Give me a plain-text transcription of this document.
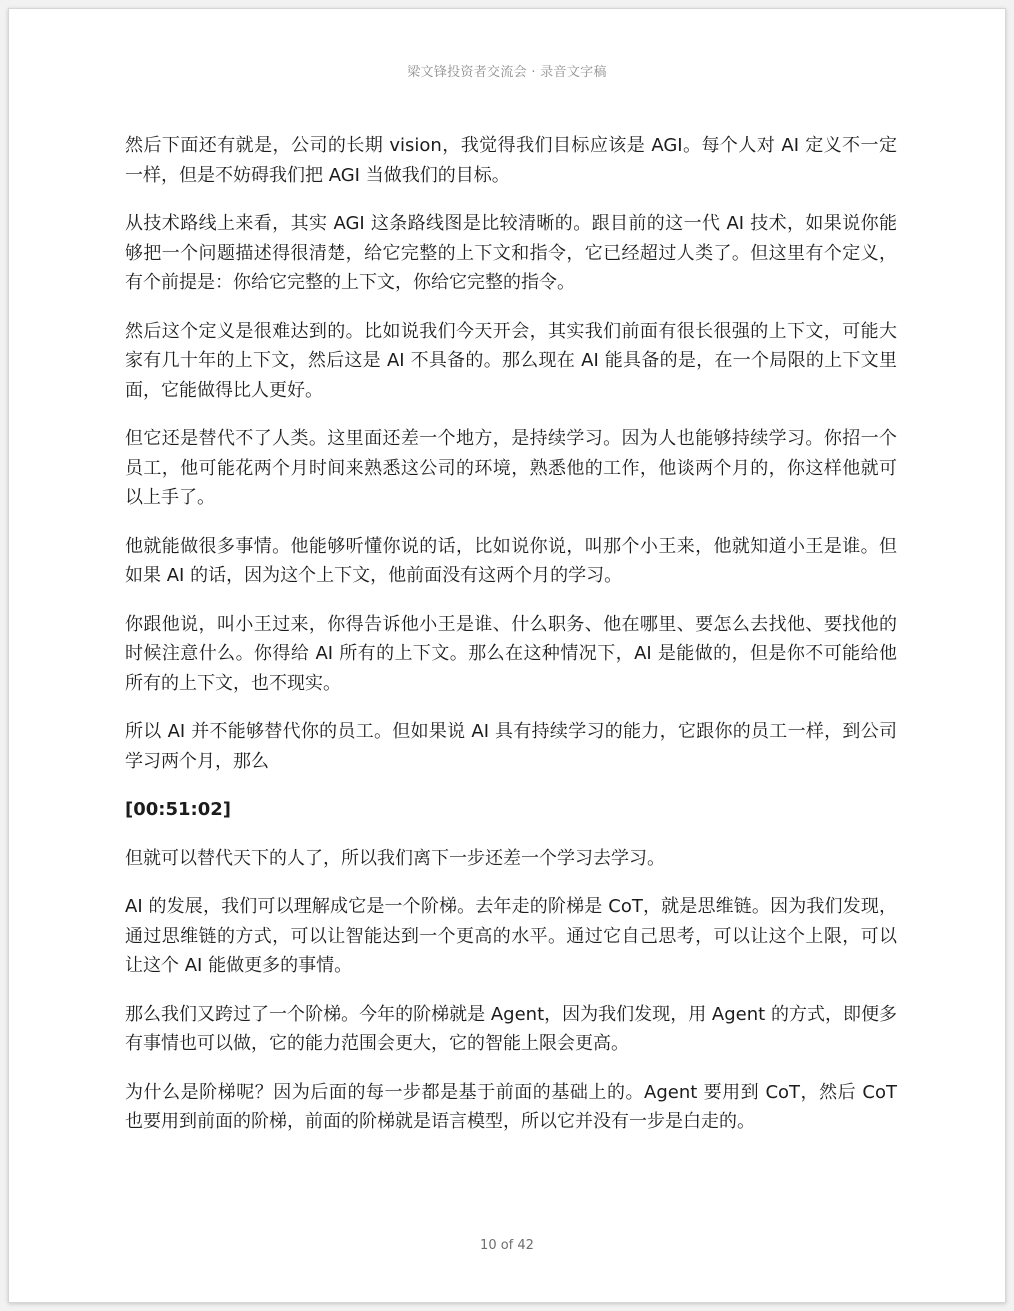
梁文锋投资者交流会 · 录音文字稿

然后下面还有就是，公司的长期 vision，我觉得我们目标应该是 AGI。每个人对 AI 定义不一定一样，但是不妨碍我们把 AGI 当做我们的目标。

从技术路线上来看，其实 AGI 这条路线图是比较清晰的。跟目前的这一代 AI 技术，如果说你能够把一个问题描述得很清楚，给它完整的上下文和指令，它已经超过人类了。但这里有个定义，有个前提是：你给它完整的上下文，你给它完整的指令。

然后这个定义是很难达到的。比如说我们今天开会，其实我们前面有很长很强的上下文，可能大家有几十年的上下文，然后这是 AI 不具备的。那么现在 AI 能具备的是，在一个局限的上下文里面，它能做得比人更好。

但它还是替代不了人类。这里面还差一个地方，是持续学习。因为人也能够持续学习。你招一个员工，他可能花两个月时间来熟悉这公司的环境，熟悉他的工作，他谈两个月的，你这样他就可以上手了。

他就能做很多事情。他能够听懂你说的话，比如说你说，叫那个小王来，他就知道小王是谁。但如果 AI 的话，因为这个上下文，他前面没有这两个月的学习。

你跟他说，叫小王过来，你得告诉他小王是谁、什么职务、他在哪里、要怎么去找他、要找他的时候注意什么。你得给 AI 所有的上下文。那么在这种情况下，AI 是能做的，但是你不可能给他所有的上下文，也不现实。

所以 AI 并不能够替代你的员工。但如果说 AI 具有持续学习的能力，它跟你的员工一样，到公司学习两个月，那么

[00:51:02]

但就可以替代天下的人了，所以我们离下一步还差一个学习去学习。

AI 的发展，我们可以理解成它是一个阶梯。去年走的阶梯是 CoT，就是思维链。因为我们发现，通过思维链的方式，可以让智能达到一个更高的水平。通过它自己思考，可以让这个上限，可以让这个 AI 能做更多的事情。

那么我们又跨过了一个阶梯。今年的阶梯就是 Agent，因为我们发现，用 Agent 的方式，即便多有事情也可以做，它的能力范围会更大，它的智能上限会更高。

为什么是阶梯呢？因为后面的每一步都是基于前面的基础上的。Agent 要用到 CoT，然后 CoT 也要用到前面的阶梯，前面的阶梯就是语言模型，所以它并没有一步是白走的。

10 of 42
